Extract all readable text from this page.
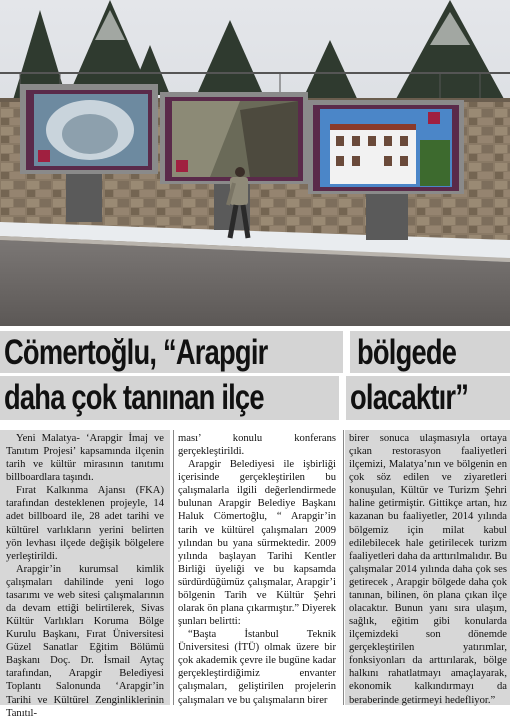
Cömertoğlu, “Arapgir	bölgede
daha çok tanınan ilçe olacaktır”

Yeni Malatya- ‘Arapgir İmaj ve Tanıtım Projesi’ kapsamında ilçenin tarih ve kültür mirasının tanıtımı billboardlara taşındı.

Fırat Kalkınma Ajansı (FKA) tarafından desteklenen projeyle, 14 adet billboard ile, 28 adet tarihi ve kültürel varlıkların yerini belirten yön levhası ilçede değişik bölgelere yerleştirildi.

Arapgir’in kurumsal kimlik çalışmaları dahilinde yeni logo tasarımı ve web sitesi çalışmalarının da devam ettiği belirtilerek, Sivas Kültür Varlıkları Koruma Bölge Kurulu Başkanı, Fırat Üniversitesi Güzel Sanatlar Eğitim Bölümü Başkanı Doç. Dr. İsmail Aytaç tarafından, Arapgir Belediyesi Toplantı Salonunda ‘Arapgir’in Tarihi ve Kültürel Zenginliklerinin Tanıtıl-

ması’ konulu konferans gerçekleştirildi.

Arapgir Belediyesi ile işbirliği içerisinde gerçekleştirilen bu çalışmalarla ilgili değerlendirmede bulunan Arapgir Belediye Başkanı Haluk Cömertoğlu, “ Arapgir’in tarih ve kültürel çalışmaları 2009 yılından bu yana sürmektedir. 2009 yılında başlayan Tarihi Kentler Birliği üyeliği ve bu kapsamda sürdürdüğümüz çalışmalar, Arapgir’i bölgenin Tarih ve Kültür Şehri olarak ön plana çıkarmıştır.” Diyerek şunları belirtti:

“Başta İstanbul Teknik Üniversitesi (İTÜ) olmak üzere bir çok akademik çevre ile bugüne kadar gerçekleştirdiğimiz envanter çalışmaları, geliştirilen projelerin çalışmaları ve bu çalışmaların birer

birer sonuca ulaşmasıyla ortaya çıkan restorasyon faaliyetleri ilçemizi, Malatya’nın ve bölgenin en çok söz edilen ve ziyaretleri konuşulan, Kültür ve Turizm Şehri haline getirmiştir. Gittikçe artan, hız kazanan bu faaliyetler, 2014 yılında bölgemiz için milat kabul edilebilecek hale getirilecek turizm faaliyetleri daha da arttırılmalıdır. Bu çalışmalar 2014 yılında daha çok ses getirecek , Arapgir bölgede daha çok tanınan, bilinen, ön plana çıkan ilçe olacaktır. Bunun yanı sıra ulaşım, sağlık, eğitim gibi konularda ilçemizdeki son dönemde gerçekleştirilen yatırımlar, fonksiyonları da arttırılarak, bölge halkını rahatlatmayı amaçlayarak, ekonomik kalkındırmayı da beraberinde getirmeyi hedefliyor.”
